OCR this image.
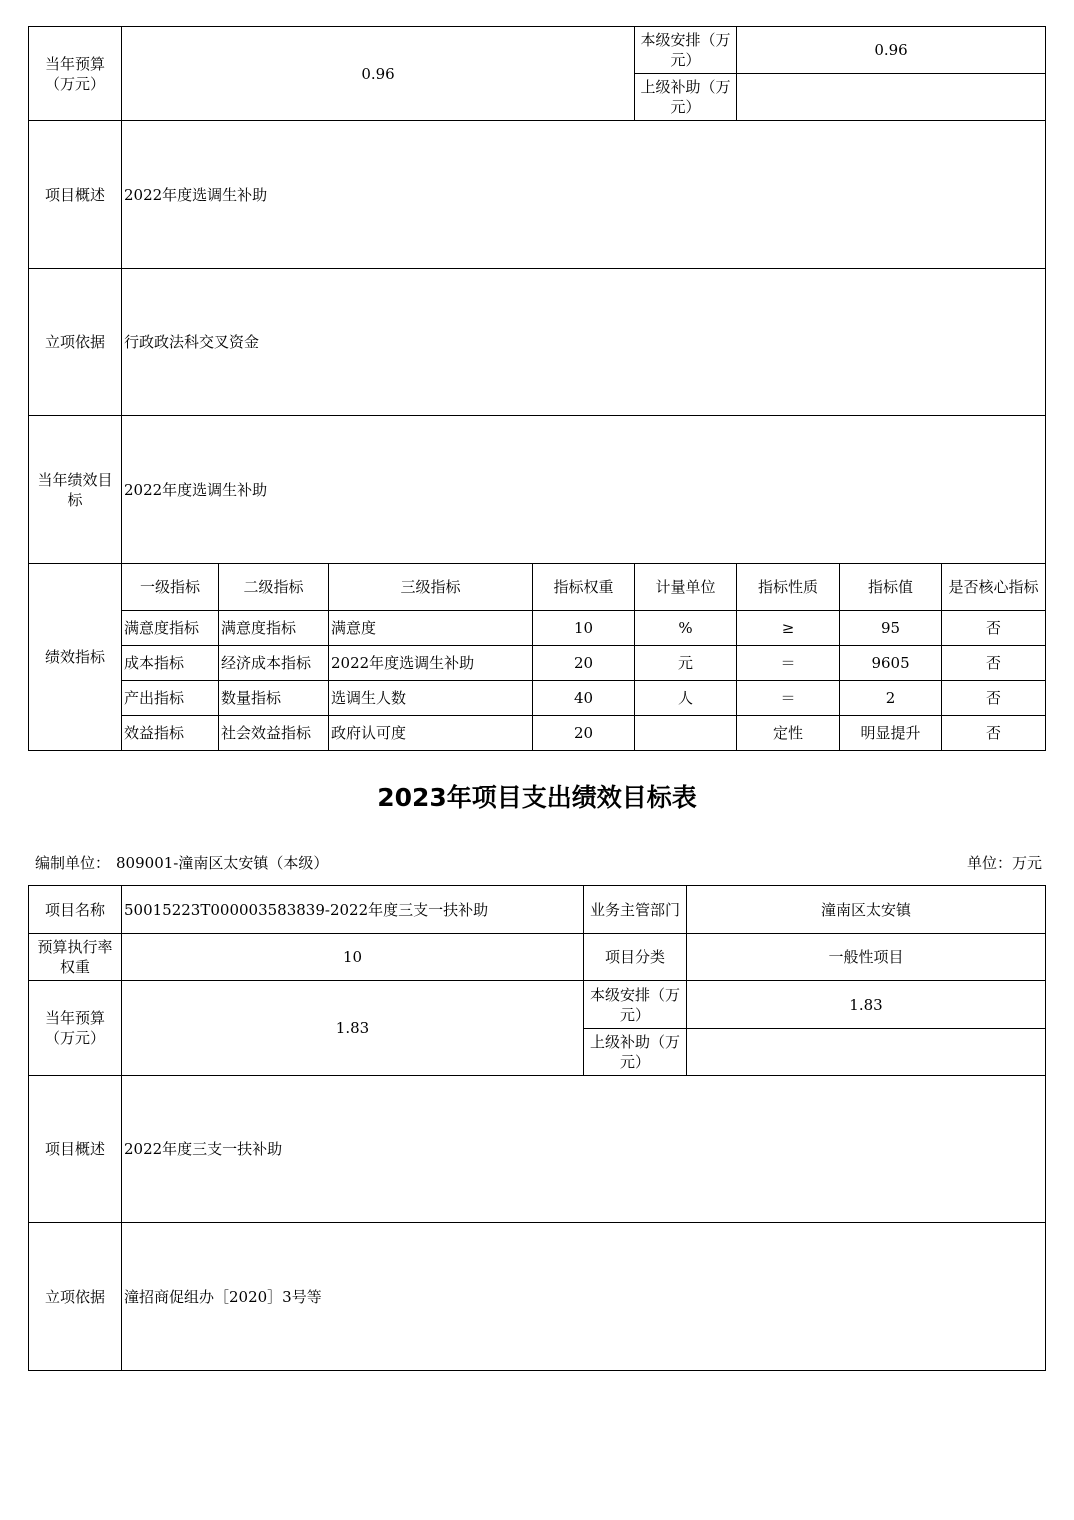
当年预算（万元）	0.96				本级安排（万元）	0.96		
					上级补助（万元）			
项目概述	2022年度选调生补助							
立项依据	行政政法科交叉资金							
当年绩效目标	2022年度选调生补助							
绩效指标	一级指标	二级指标	三级指标	指标权重	计量单位	指标性质	指标值	是否核心指标
	满意度指标	满意度指标	满意度	10	%	≥	95	否
	成本指标	经济成本指标	2022年度选调生补助	20	元	＝	9605	否
	产出指标	数量指标	选调生人数	40	人	＝	2	否
	效益指标	社会效益指标	政府认可度	20		定性	明显提升	否
2023年项目支出绩效目标表
编制单位： 809001-潼南区太安镇（本级）	单位：万元
项目名称	50015223T000003583839-2022年度三支一扶补助	业务主管部门	潼南区太安镇
预算执行率权重	10	项目分类	一般性项目
当年预算（万元）	1.83	本级安排（万元）	1.83
		上级补助（万元）	
项目概述	2022年度三支一扶补助		
立项依据	潼招商促组办［2020］3号等		
